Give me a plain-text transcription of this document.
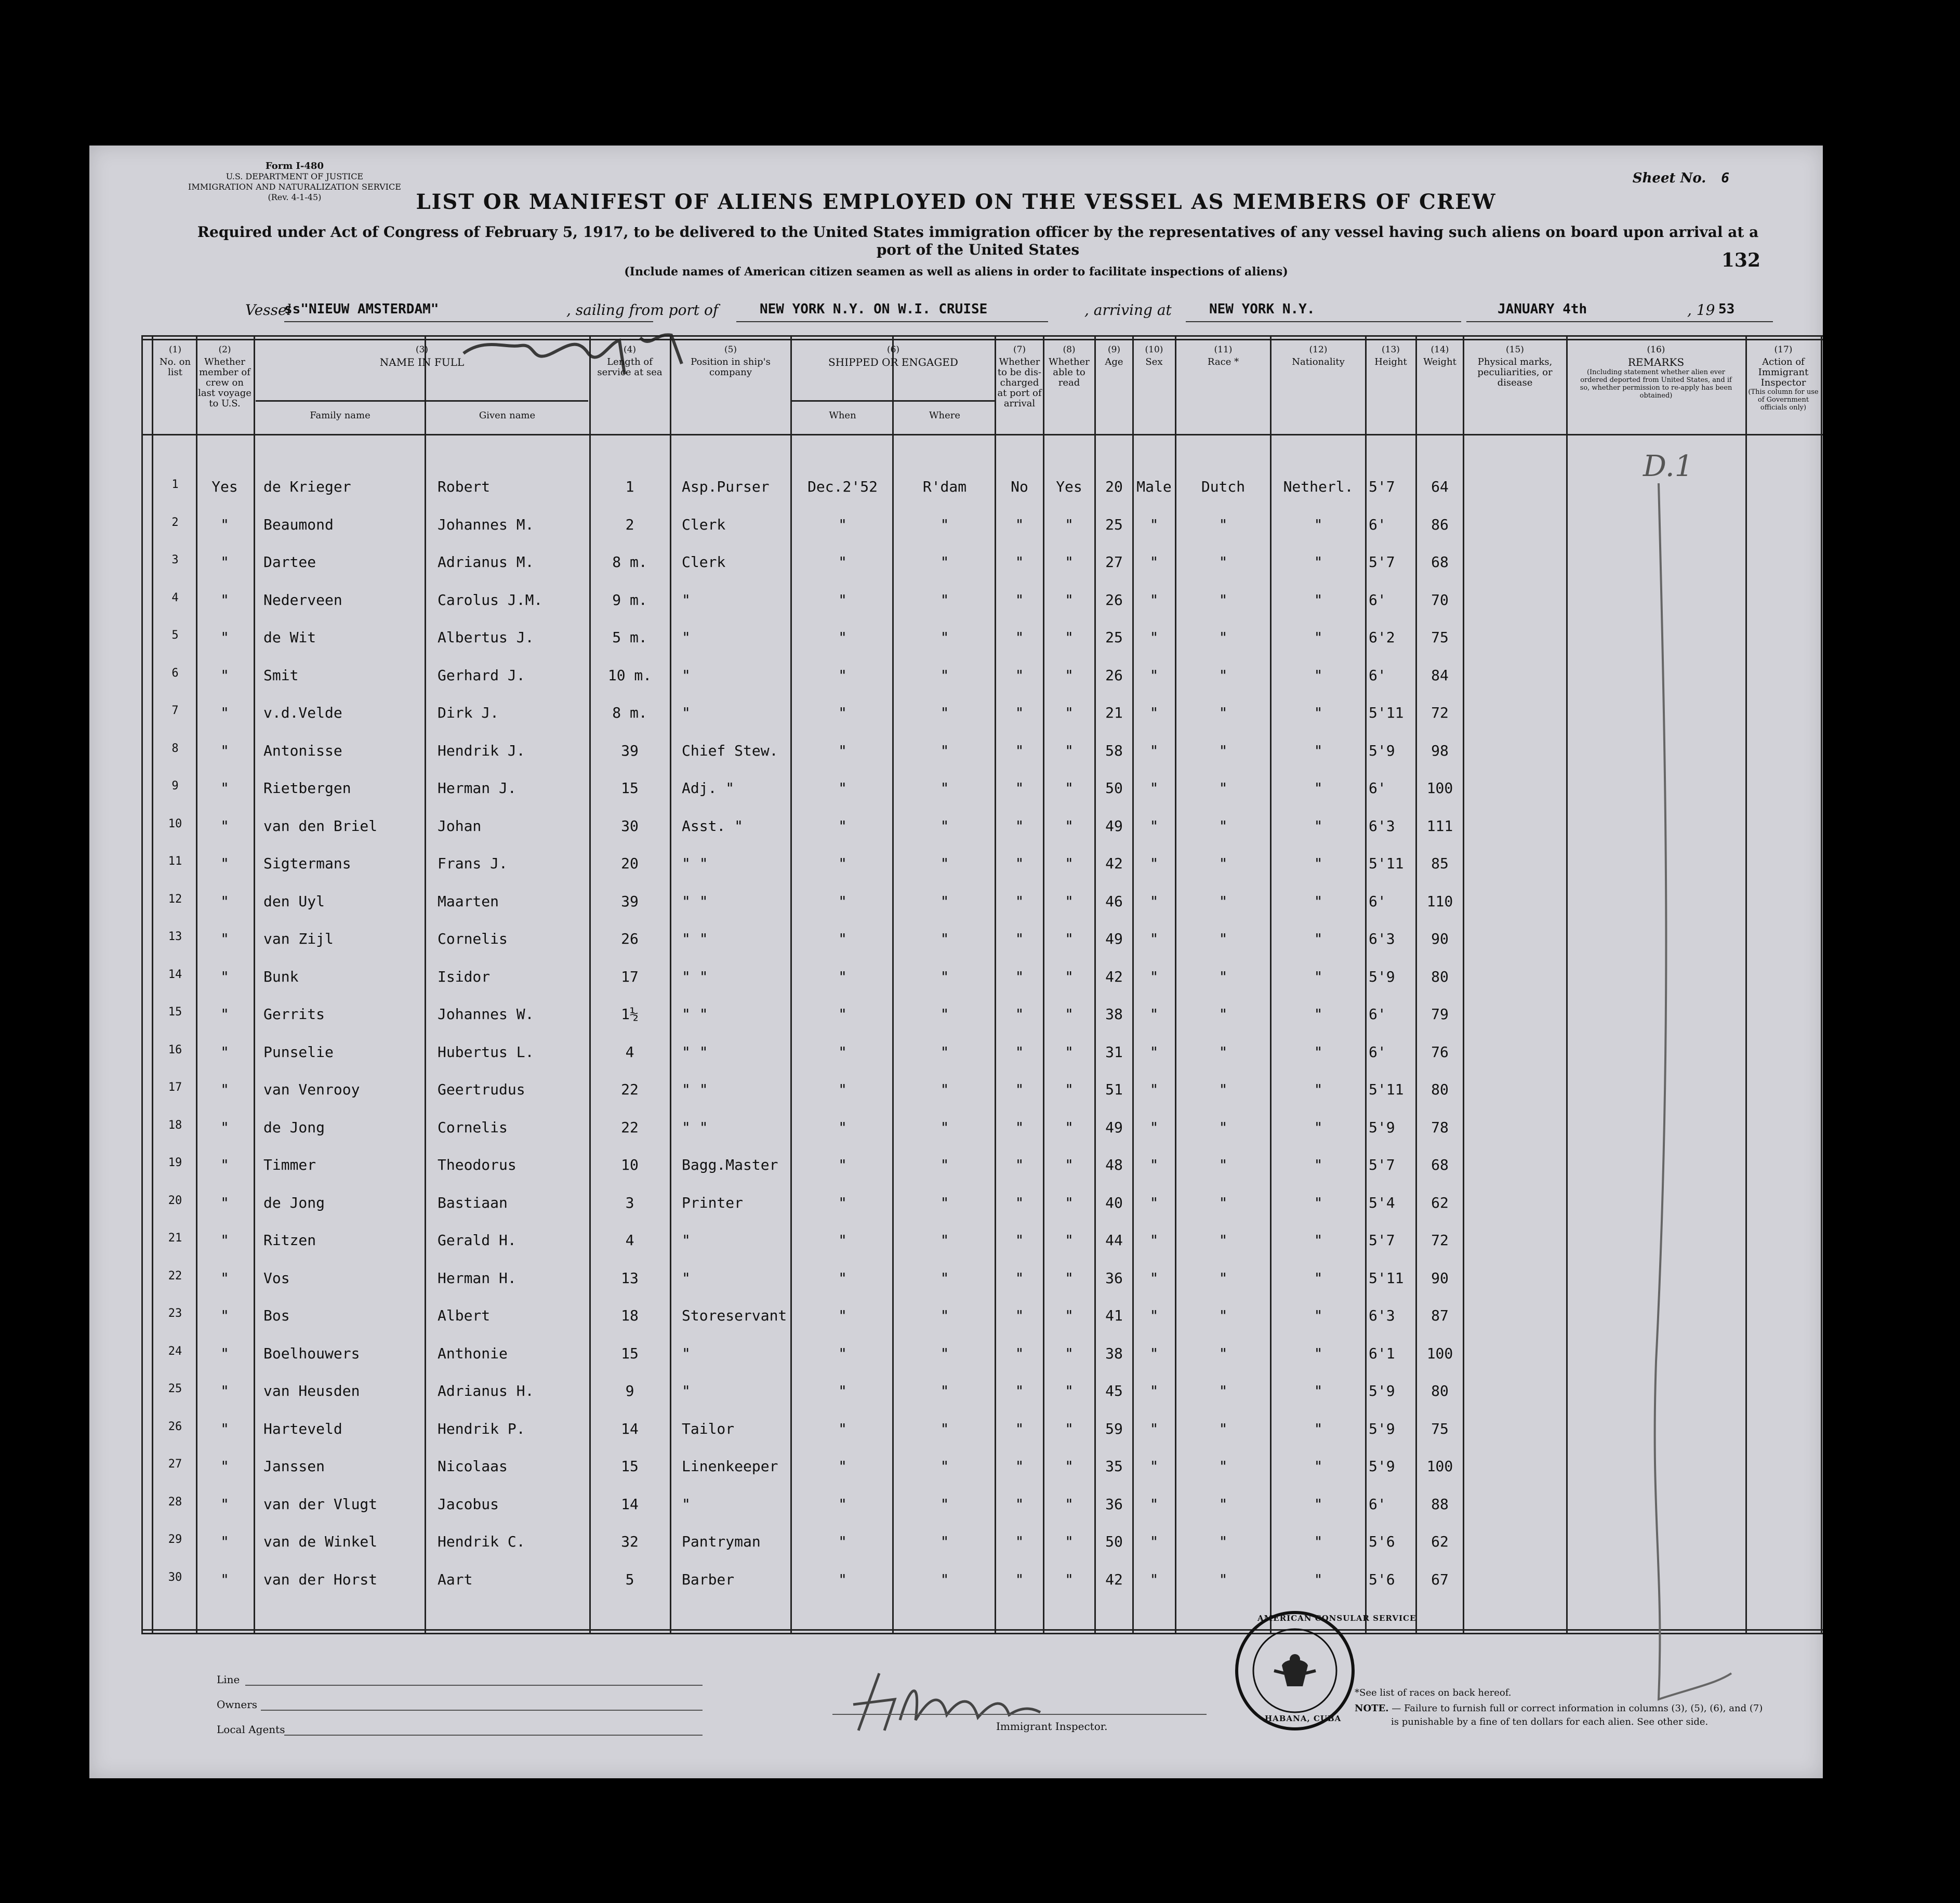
Form I-480
U.S. DEPARTMENT OF JUSTICE
IMMIGRATION AND NATURALIZATION SERVICE
(Rev. 4-1-45)
Sheet No. 6
LIST OR MANIFEST OF ALIENS EMPLOYED ON THE VESSEL AS MEMBERS OF CREW
Required under Act of Congress of February 5, 1917, to be delivered to the United States immigration officer by the representatives of any vessel having such aliens on board upon arrival at a
port of the United States
(Include names of American citizen seamen as well as aliens in order to facilitate inspections of aliens)
132
Vessel
ss"NIEUW AMSTERDAM"	, sailing from port of	NEW YORK N.Y. ON W.I. CRUISE	, arriving at	NEW YORK N.Y.	JANUARY 4th	, 19 53
(1)
No. on list
(2)
Whether member of crew on last voyage to U.S.
(3)
NAME IN FULL
Family name	Given name
(4)
Length of service at sea
(5)
Position in ship's company
(6)
SHIPPED OR ENGAGED
When	Where
(7)
Whether to be dis-charged at port of arrival
(8)
Whether able to read
(9)
Age
(10)
Sex
(11)
Race *
(12)
Nationality
(13)
Height
(14)
Weight
(15)
Physical marks, peculiarities, or disease
(16)
REMARKS

(Including statement whether alien ever ordered deported from United States, and if so, whether permission to re-apply has been obtained)
(17)
Action of Immigrant Inspector

(This column for use of Government officials only)
1	Yes	de Krieger	Robert	1	Asp.Purser	Dec.2'52	R'dam	No	Yes	20 Male	Dutch	Netherl.	5'7	64
2	"	Beaumond	Johannes M.	2	Clerk	"	"	"	"	25	"	"	"	6'	86
3	"	Dartee	Adrianus M.	8 m.	Clerk	"	"	"	"	27	"	"	"	5'7	68
4	"	Nederveen	Carolus J.M.	9 m.	"	"	"	"	"	26	"	"	"	6'	70
5	"	de Wit	Albertus J.	5 m.	"	"	"	"	"	25	"	"	"	6'2	75
6	"	Smit	Gerhard J.	10 m.	"	"	"	"	"	26	"	"	"	6'	84
7	"	v.d.Velde	Dirk J.	8 m.	"	"	"	"	"	21	"	"	"	5'11	72
8	"	Antonisse	Hendrik J.	39	Chief Stew.	"	"	"	"	58	"	"	"	5'9	98
9	"	Rietbergen	Herman J.	15	Adj. "	"	"	"	"	50	"	"	"	6'	100
10	"	van den Briel	Johan	30	Asst. "	"	"	"	"	49	"	"	"	6'3	111
11	"	Sigtermans	Frans J.	20	" "	"	"	"	"	42	"	"	"	5'11	85
12	"	den Uyl	Maarten	39	" "	"	"	"	"	46	"	"	"	6'	110
13	"	van Zijl	Cornelis	26	" "	"	"	"	"	49	"	"	"	6'3	90
14	"	Bunk	Isidor	17	" "	"	"	"	"	42	"	"	"	5'9	80
15	"	Gerrits	Johannes W.	1½	" "	"	"	"	"	38	"	"	"	6'	79
16	"	Punselie	Hubertus L.	4	" "	"	"	"	"	31	"	"	"	6'	76
17	"	van Venrooy	Geertrudus	22	" "	"	"	"	"	51	"	"	"	5'11	80
18	"	de Jong	Cornelis	22	" "	"	"	"	"	49	"	"	"	5'9	78
19	"	Timmer	Theodorus	10	Bagg.Master	"	"	"	"	48	"	"	"	5'7	68
20	"	de Jong	Bastiaan	3	Printer	"	"	"	"	40	"	"	"	5'4	62
21	"	Ritzen	Gerald H.	4	"	"	"	"	"	44	"	"	"	5'7	72
22	"	Vos	Herman H.	13	"	"	"	"	"	36	"	"	"	5'11	90
23	"	Bos	Albert	18	Storeservant	"	"	"	"	41	"	"	"	6'3	87
24	"	Boelhouwers	Anthonie	15	"	"	"	"	"	38	"	"	"	6'1	100
25	"	van Heusden	Adrianus H.	9	"	"	"	"	"	45	"	"	"	5'9	80
26	"	Harteveld	Hendrik P.	14	Tailor	"	"	"	"	59	"	"	"	5'9	75
27	"	Janssen	Nicolaas	15	Linenkeeper	"	"	"	"	35	"	"	"	5'9	100
28	"	van der Vlugt	Jacobus	14	"	"	"	"	"	36	"	"	"	6'	88
29	"	van de Winkel	Hendrik C.	32	Pantryman	"	"	"	"	50	"	"	"	5'6	62
30	"	van der Horst	Aart	5	Barber	"	"	"	"	42	"	"	"	5'6	67
D.1
Line
Owners
Local Agents	Immigrant Inspector.
AMERICAN CONSULAR SERVICE
HABANA, CUBA
*See list of races on back hereof.
NOTE. — Failure to furnish full or correct information in columns (3), (5), (6), and (7)
is punishable by a fine of ten dollars for each alien. See other side.
